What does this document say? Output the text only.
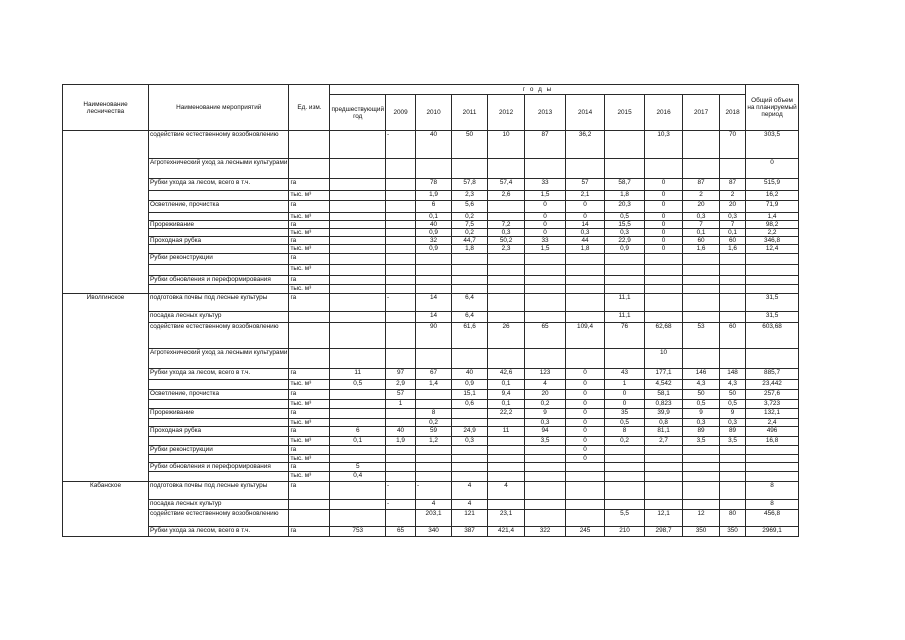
Наименование лесничества	Наименование мероприятий	Ед. изм.	г о д ы											Общий объем на планируемый период
			предшествующий год	2009	2010	2011	2012	2013	2014	2015	2016	2017	2018	
	содействие естественному возобновлению			-	40	50	10	87	36,2		10,3		70	303,5
	Агротехнический уход за лесными культурами													0
	Рубки ухода за лесом, всего в т.ч.	га			78	57,8	57,4	33	57	58,7	0	87	87	515,9
		тыс. м³			1,9	2,3	2,6	1,5	2,1	1,8	0	2	2	16,2
	Осветление, прочистка	га			6	5,6		0	0	20,3	0	20	20	71,9
		тыс. м³			0,1	0,2		0	0	0,5	0	0,3	0,3	1,4
	Прореживание	га			40	7,5	7,2	0	14	15,5	0	7	7	98,2
		тыс. м³			0,9	0,2	0,3	0	0,3	0,3	0	0,1	0,1	2,2
	Проходная рубка	га			32	44,7	50,2	33	44	22,9	0	60	60	346,8
		тыс. м³			0,9	1,8	2,3	1,5	1,8	0,9	0	1,6	1,6	12,4
	Рубки реконструкции	га												
		тыс. м³												
	Рубки обновления и переформирования	га												
		тыс. м³												
Иволгинское	подготовка почвы под лесные культуры	га		-	14	6,4				11,1				31,5
	посадка лесных культур				14	6,4				11,1				31,5
	содействие естественному возобновлению				90	61,6	26	65	109,4	76	62,68	53	60	603,68
	Агротехнический уход за лесными культурами										10			
	Рубки ухода за лесом, всего в т.ч.	га	11	97	67	40	42,6	123	0	43	177,1	146	148	885,7
		тыс. м³	0,5	2,9	1,4	0,9	0,1	4	0	1	4,542	4,3	4,3	23,442
	Осветление, прочистка	га		57		15,1	9,4	20	0	0	58,1	50	50	257,6
		тыс. м³		1		0,6	0,1	0,2	0	0	0,823	0,5	0,5	3,723
	Прореживание	га			8		22,2	9	0	35	39,9	9	9	132,1
		тыс. м³			0,2			0,3	0	0,5	0,8	0,3	0,3	2,4
	Проходная рубка	га	6	40	59	24,9	11	94	0	8	81,1	89	89	496
		тыс. м³	0,1	1,9	1,2	0,3		3,5	0	0,2	2,7	3,5	3,5	16,8
	Рубки реконструкции	га							0					
		тыс. м³							0					
	Рубки обновления и переформирования	га	5											
		тыс. м³	0,4											
Кабанское	подготовка почвы под лесные культуры	га		-	-	4	4							8
	посадка лесных культур			-	4	4								8
	содействие естественному возобновлению				203,1	121	23,1			5,5	12,1	12	80	456,8
	Рубки ухода за лесом, всего в т.ч.	га	753	65	340	387	421,4	322	245	210	298,7	350	350	2969,1
